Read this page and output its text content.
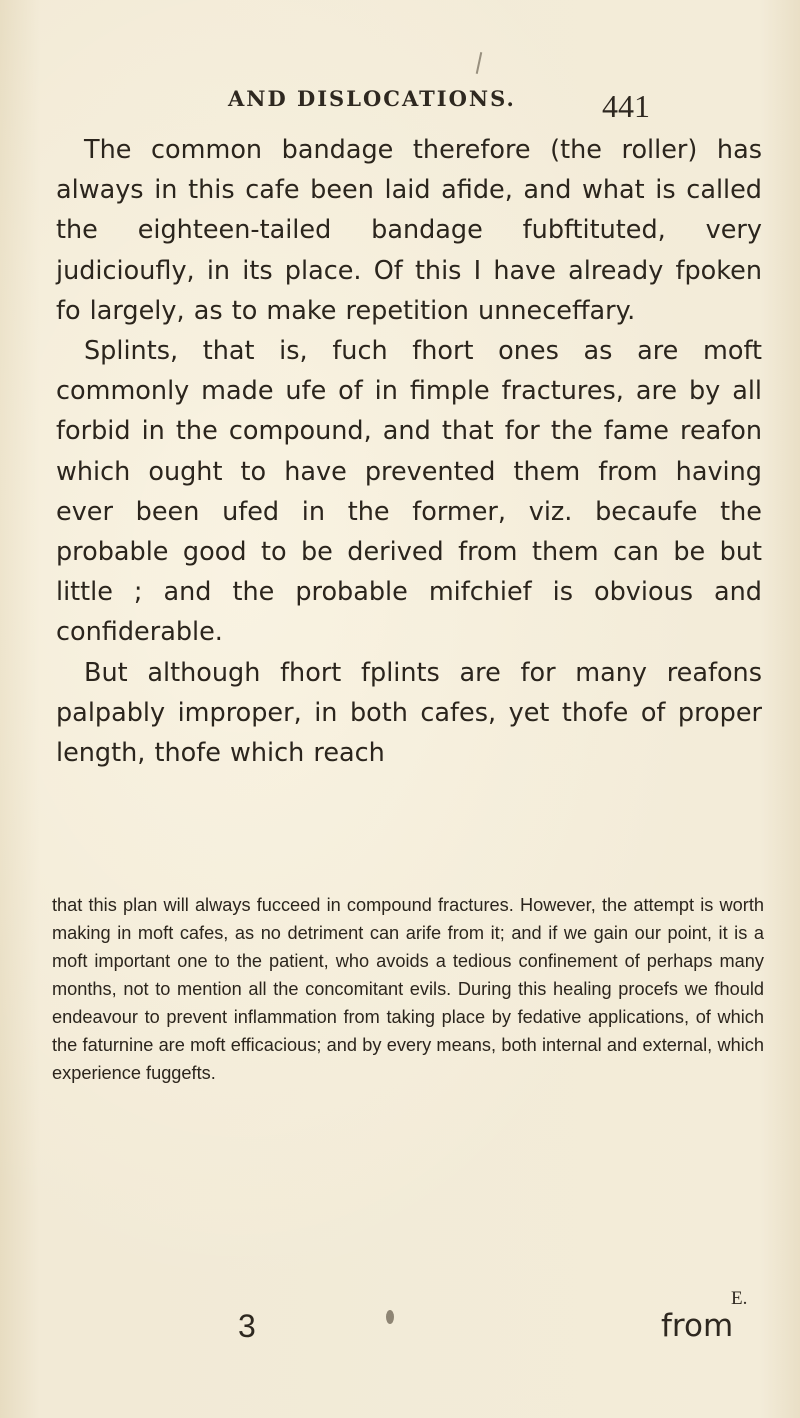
AND DISLOCATIONS.	441

The common bandage therefore (the roller) has always in this cafe been laid afide, and what is called the eighteen-tailed bandage fubftituted, very judicioufly, in its place. Of this I have already fpoken fo largely, as to make repetition unneceffary.

Splints, that is, fuch fhort ones as are moft commonly made ufe of in fimple fractures, are by all forbid in the compound, and that for the fame reafon which ought to have prevented them from having ever been ufed in the former, viz. becaufe the probable good to be derived from them can be but little ; and the probable mifchief is obvious and confiderable.

But although fhort fplints are for many reafons palpably improper, in both cafes, yet thofe of proper length, thofe which reach

that this plan will always fucceed in compound fractures. However, the attempt is worth making in moft cafes, as no detriment can arife from it; and if we gain our point, it is a moft important one to the patient, who avoids a tedious confinement of perhaps many months, not to mention all the concomitant evils. During this healing procefs we fhould endeavour to prevent inflammation from taking place by fedative applications, of which the faturnine are moft efficacious; and by every means, both internal and external, which experience fuggefts.

3
E.
from
